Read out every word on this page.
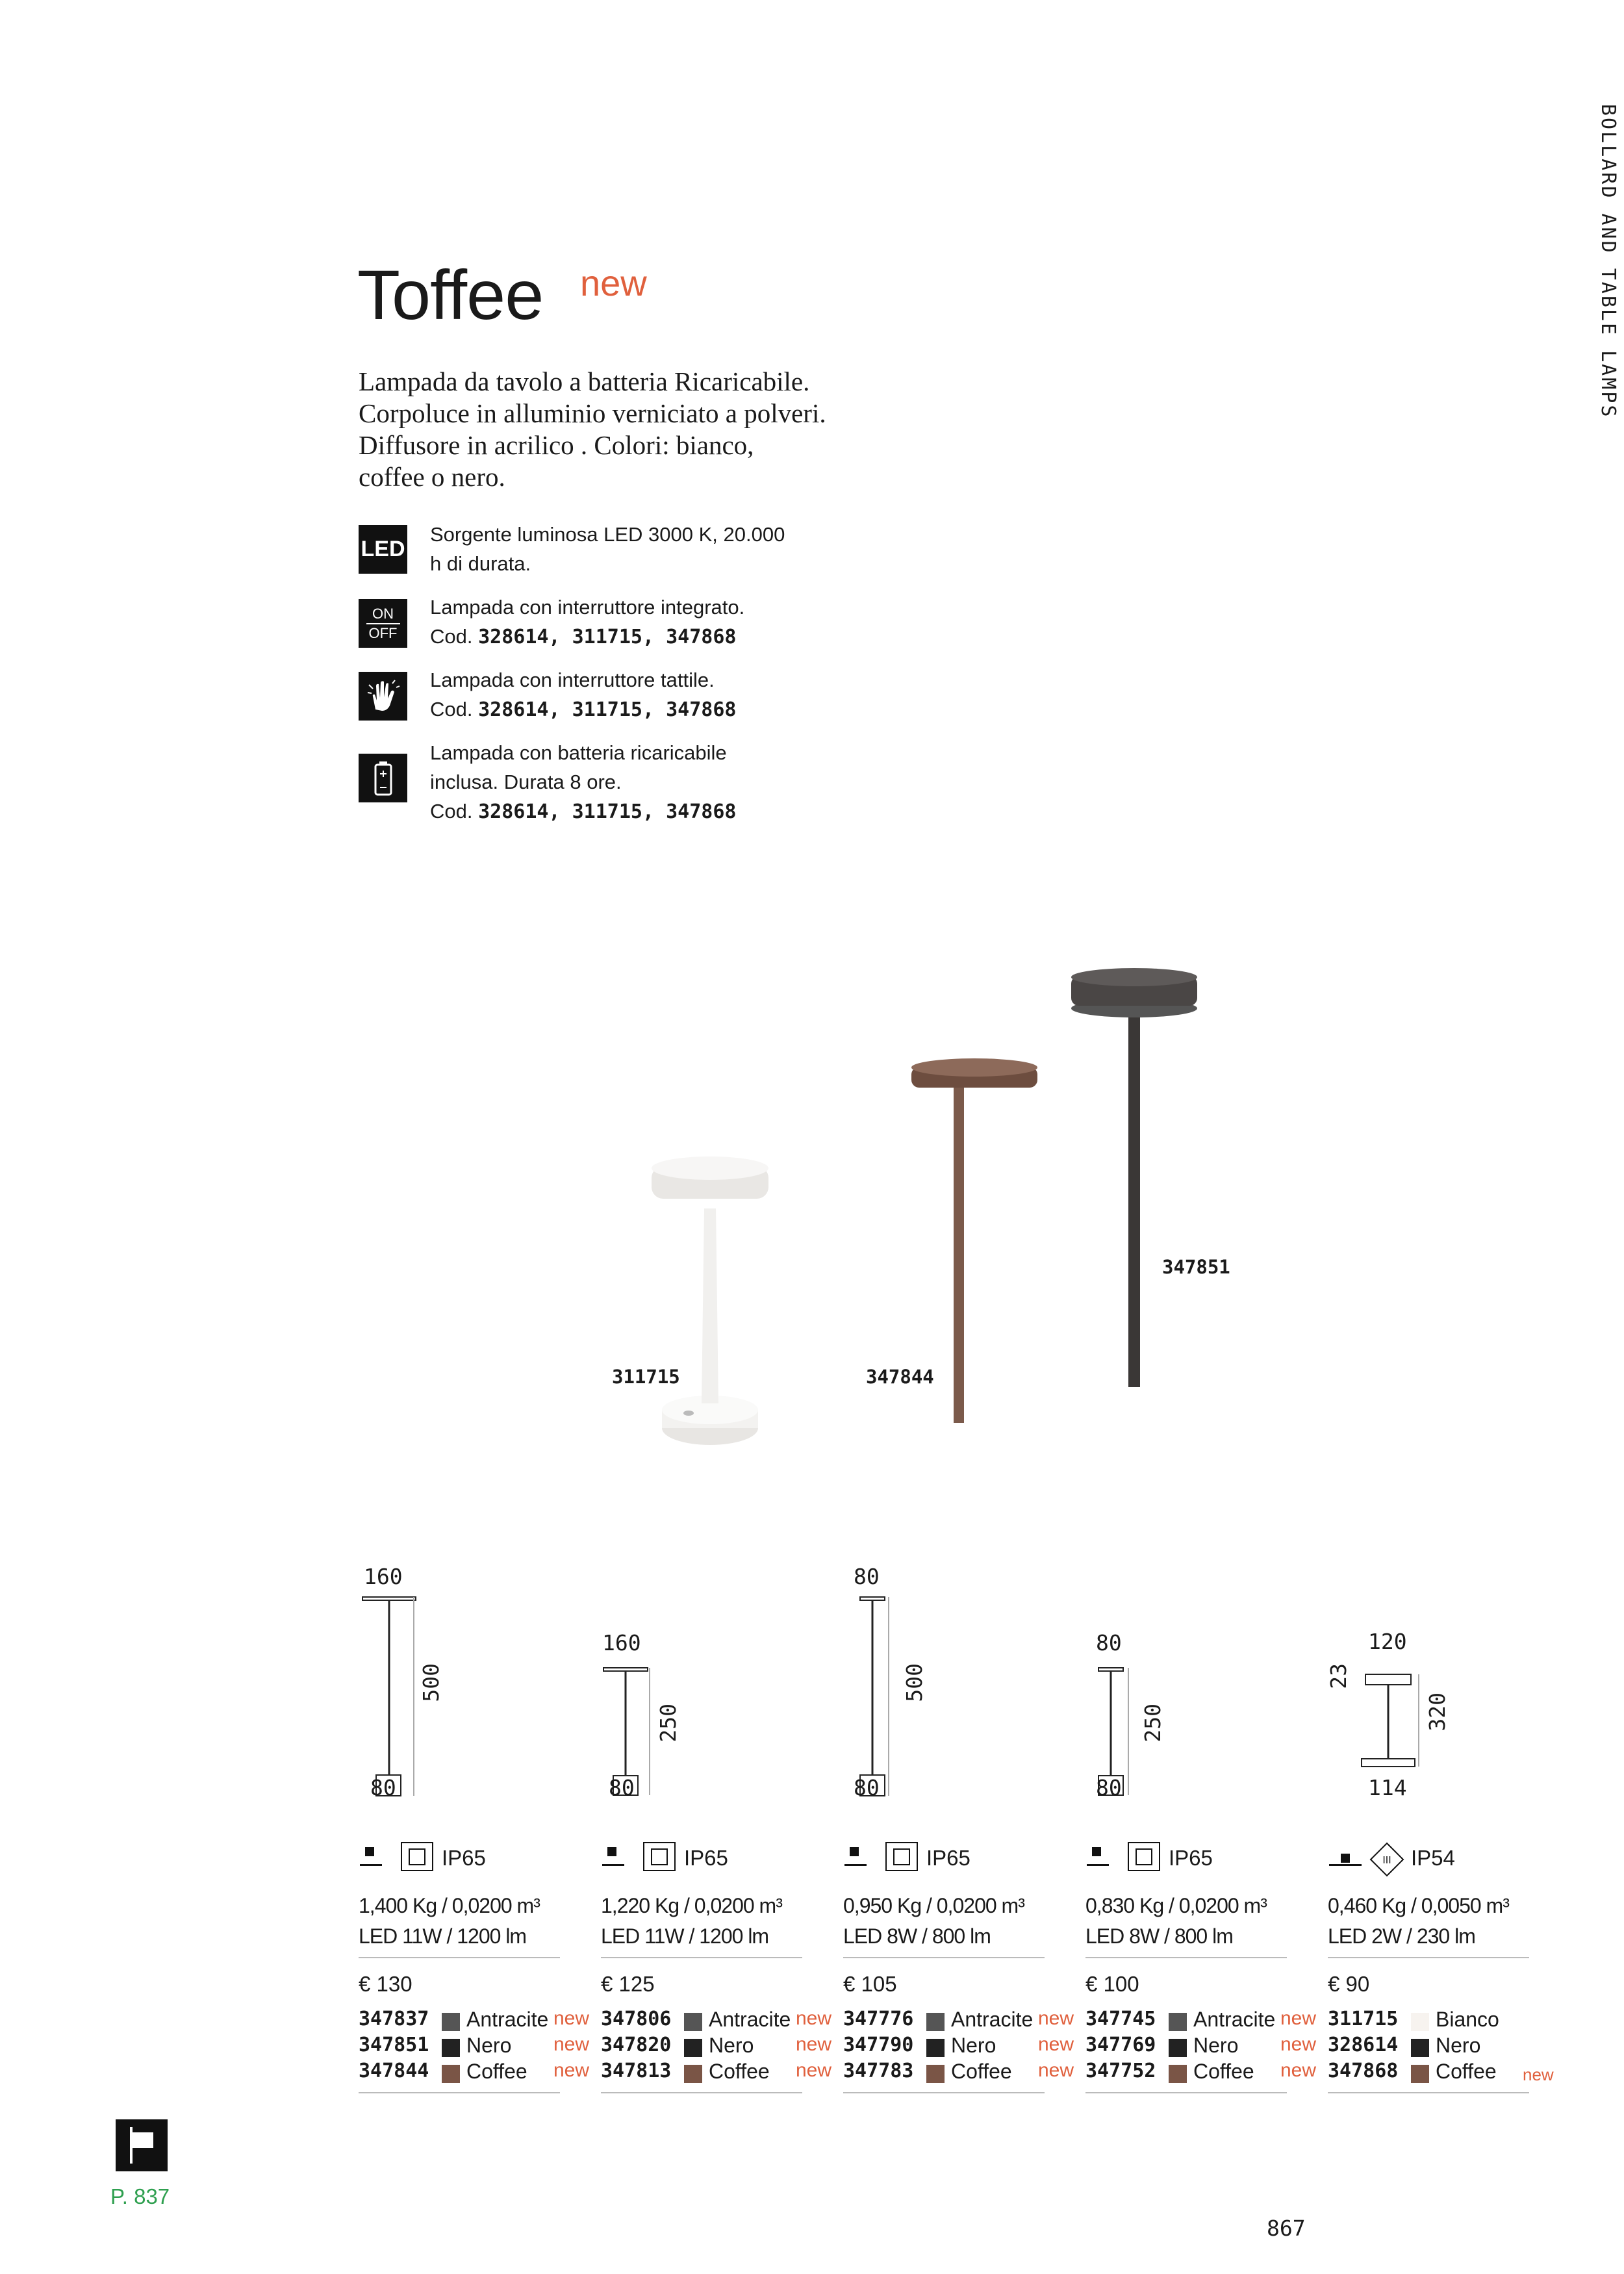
Toffee new
Lampada da tavolo a batteria Ricaricabile. Corpoluce in alluminio verniciato a polveri. Diffusore in acrilico . Colori: bianco, coffee o nero.
BOLLARD AND TABLE LAMPS
LED
Sorgente luminosa LED 3000 K, 20.000 h di durata.
ON
OFF
Lampada con interruttore integrato.
Cod. 328614, 311715, 347868
Lampada con interruttore tattile.
Cod. 328614, 311715, 347868
Lampada con batteria ricaricabile inclusa. Durata 8 ore.
Cod. 328614, 311715, 347868
311715	347844
347851
160
500
80
IP65
1,400 Kg / 0,0200 m³
LED 11W / 1200 lm
€ 130
347837 Antracite new
347851 Nero new
347844 Coffee new
160
250
80
IP65
1,220 Kg / 0,0200 m³
LED 11W / 1200 lm
€ 125
347806 Antracite new
347820 Nero new
347813 Coffee new
80
500
80
IP65
0,950 Kg / 0,0200 m³
LED 8W / 800 lm
€ 105
347776 Antracite new
347790 Nero new
347783 Coffee new
80
250
80
IP65
0,830 Kg / 0,0200 m³
LED 8W / 800 lm
€ 100
347745 Antracite new
347769 Nero new
347752 Coffee new
120
23
320
114
III IP54
0,460 Kg / 0,0050 m³
LED 2W / 230 lm
€ 90
311715 Bianco
328614 Nero
347868 Coffee new
P. 837
867
